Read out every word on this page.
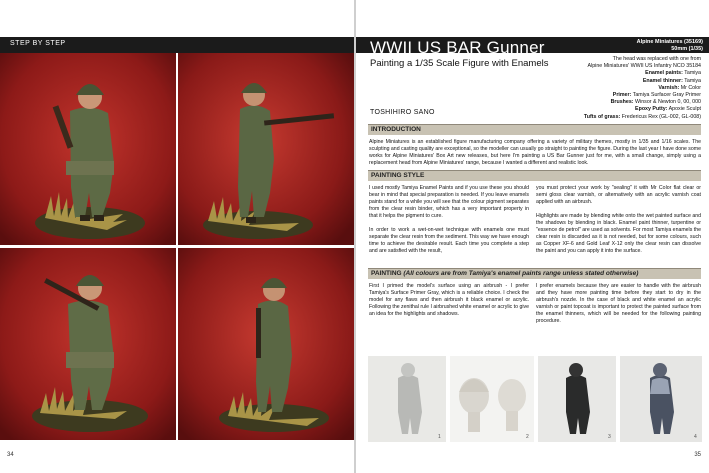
STEP BY STEP
34
WWII US BAR Gunner	Alpine Miniatures (35169)
50mm (1/35)
Painting a 1/35 Scale Figure with Enamels	The head was replaced with one from
Alpine Miniatures' WWII US Infantry NCO 35184
Enamel paints: Tamiya
Enamel thinner: Tamiya
Varnish: Mr Color
Primer: Tamiya Surfacer Gray Primer
Brushes: Winsor & Newton 0, 00, 000
Epoxy Putty: Apoxie Sculpt
Tufts of grass: Fredericus Rex (GL-002, GL-008)
TOSHIHIRO SANO
INTRODUCTION
Alpine Miniatures is an established figure manufacturing company offering a variety of military themes, mostly in 1/35 and 1/16 scales. The sculpting and casting quality are exceptional, so the modeller can usually go straight to painting the figure. During the last year I have done some works for Alpine Miniatures' Box Art new releases, but here I'm painting a US Bar Gunner just for me, with a small change, simply using a replacement head from Alpine Miniatures' range, because I wanted a different and realistic look.
PAINTING STYLE
I used mostly Tamiya Enamel Paints and if you use these you should bear in mind that special preparation is needed. If you leave enamels paints stand for a while you will see that the colour pigment separates from the clear resin binder, which has a very important property in that it helps the pigment to cure.

In order to work a wet-on-wet technique with enamels one must separate the clear resin from the sediment. This way we have enough time to achieve the desirable result. Each time you complete a step and are satisfied with the result,
you must protect your work by "sealing" it with Mr Color flat clear or semi gloss clear varnish, or alternatively with an acrylic varnish coat applied with an airbrush.

Highlights are made by blending white onto the wet painted surface and the shadows by blending in black. Enamel paint thinner, turpentine or "essence de petrol" are used as solvents. For most Tamiya enamels the clear resin is discarded as it is not needed, but for some colours, such as Copper XF-6 and Gold Leaf X-12 only the clear resin can dissolve the paint and you can apply it into the surface.
PAINTING (All colours are from Tamiya's enamel paints range unless stated otherwise)
First I primed the model's surface using an airbrush - I prefer Tamiya's Surface Primer Gray, which is a reliable choice. I check the model for any flaws and then airbrush it black enamel or acrylic. Following the zenithal rule I airbrushed white enamel or acrylic to give an idea for the highlights and shadows.
I prefer enamels because they are easier to handle with the airbrush and they have more painting time before they start to dry in the airbrush's nozzle. In the case of black and white enamel an acrylic varnish or paint topcoat is important to protect the painted surface from the enamel thinners, which will be needed for the following painting procedure.
1	2	3	4
35
